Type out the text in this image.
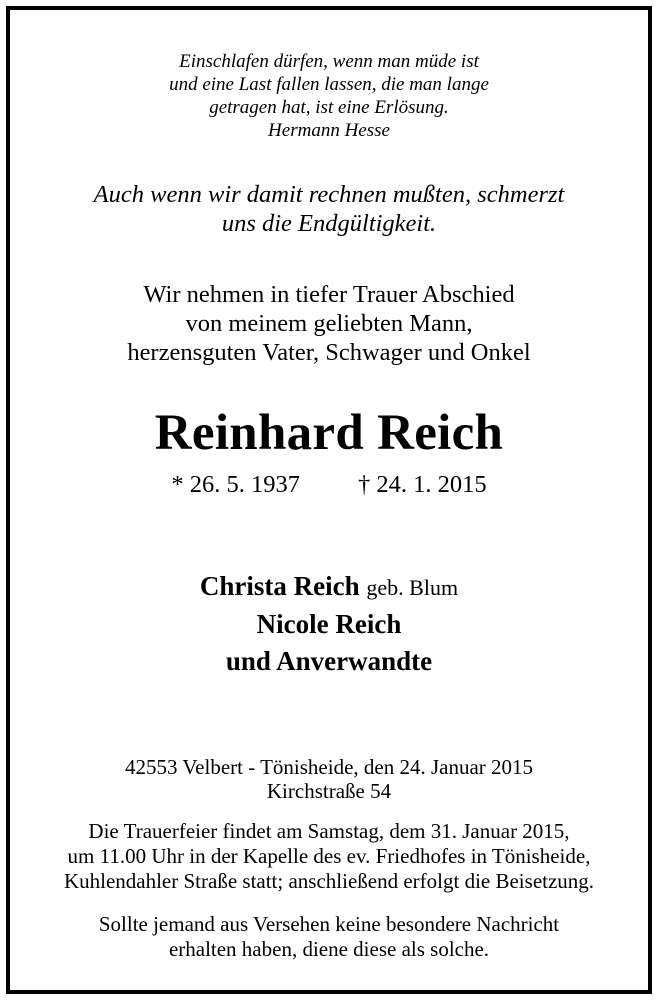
Einschlafen dürfen, wenn man müde ist
und eine Last fallen lassen, die man lange
getragen hat, ist eine Erlösung.
Hermann Hesse
Auch wenn wir damit rechnen mußten, schmerzt
uns die Endgültigkeit.
Wir nehmen in tiefer Trauer Abschied
von meinem geliebten Mann,
herzensguten Vater, Schwager und Onkel
Reinhard Reich
* 26. 5. 1937 † 24. 1. 2015
Christa Reich geb. Blum
Nicole Reich
und Anverwandte
42553 Velbert - Tönisheide, den 24. Januar 2015
Kirchstraße 54
Die Trauerfeier findet am Samstag, dem 31. Januar 2015,
um 11.00 Uhr in der Kapelle des ev. Friedhofes in Tönisheide,
Kuhlendahler Straße statt; anschließend erfolgt die Beisetzung.
Sollte jemand aus Versehen keine besondere Nachricht
erhalten haben, diene diese als solche.
